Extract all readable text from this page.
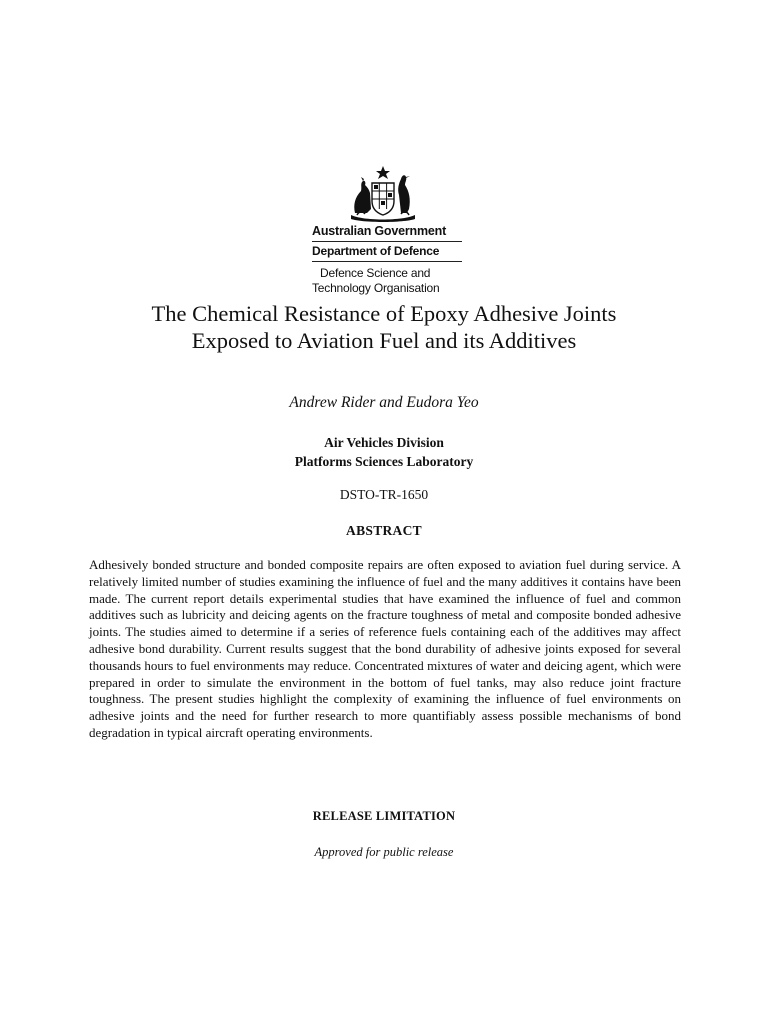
Australian Government
Department of Defence
Defence Science and
Technology Organisation
The Chemical Resistance of Epoxy Adhesive Joints
Exposed to Aviation Fuel and its Additives
Andrew Rider and Eudora Yeo
Air Vehicles Division
Platforms Sciences Laboratory
DSTO-TR-1650
ABSTRACT

Adhesively bonded structure and bonded composite repairs are often exposed to aviation fuel during service. A relatively limited number of studies examining the influence of fuel and the many additives it contains have been made. The current report details experimental studies that have examined the influence of fuel and common additives such as lubricity and deicing agents on the fracture toughness of metal and composite bonded adhesive joints. The studies aimed to determine if a series of reference fuels containing each of the additives may affect adhesive bond durability. Current results suggest that the bond durability of adhesive joints exposed for several thousands hours to fuel environments may reduce. Concentrated mixtures of water and deicing agent, which were prepared in order to simulate the environment in the bottom of fuel tanks, may also reduce joint fracture toughness. The present studies highlight the complexity of examining the influence of fuel environments on adhesive joints and the need for further research to more quantifiably assess possible mechanisms of bond degradation in typical aircraft operating environments.

RELEASE LIMITATION
Approved for public release
